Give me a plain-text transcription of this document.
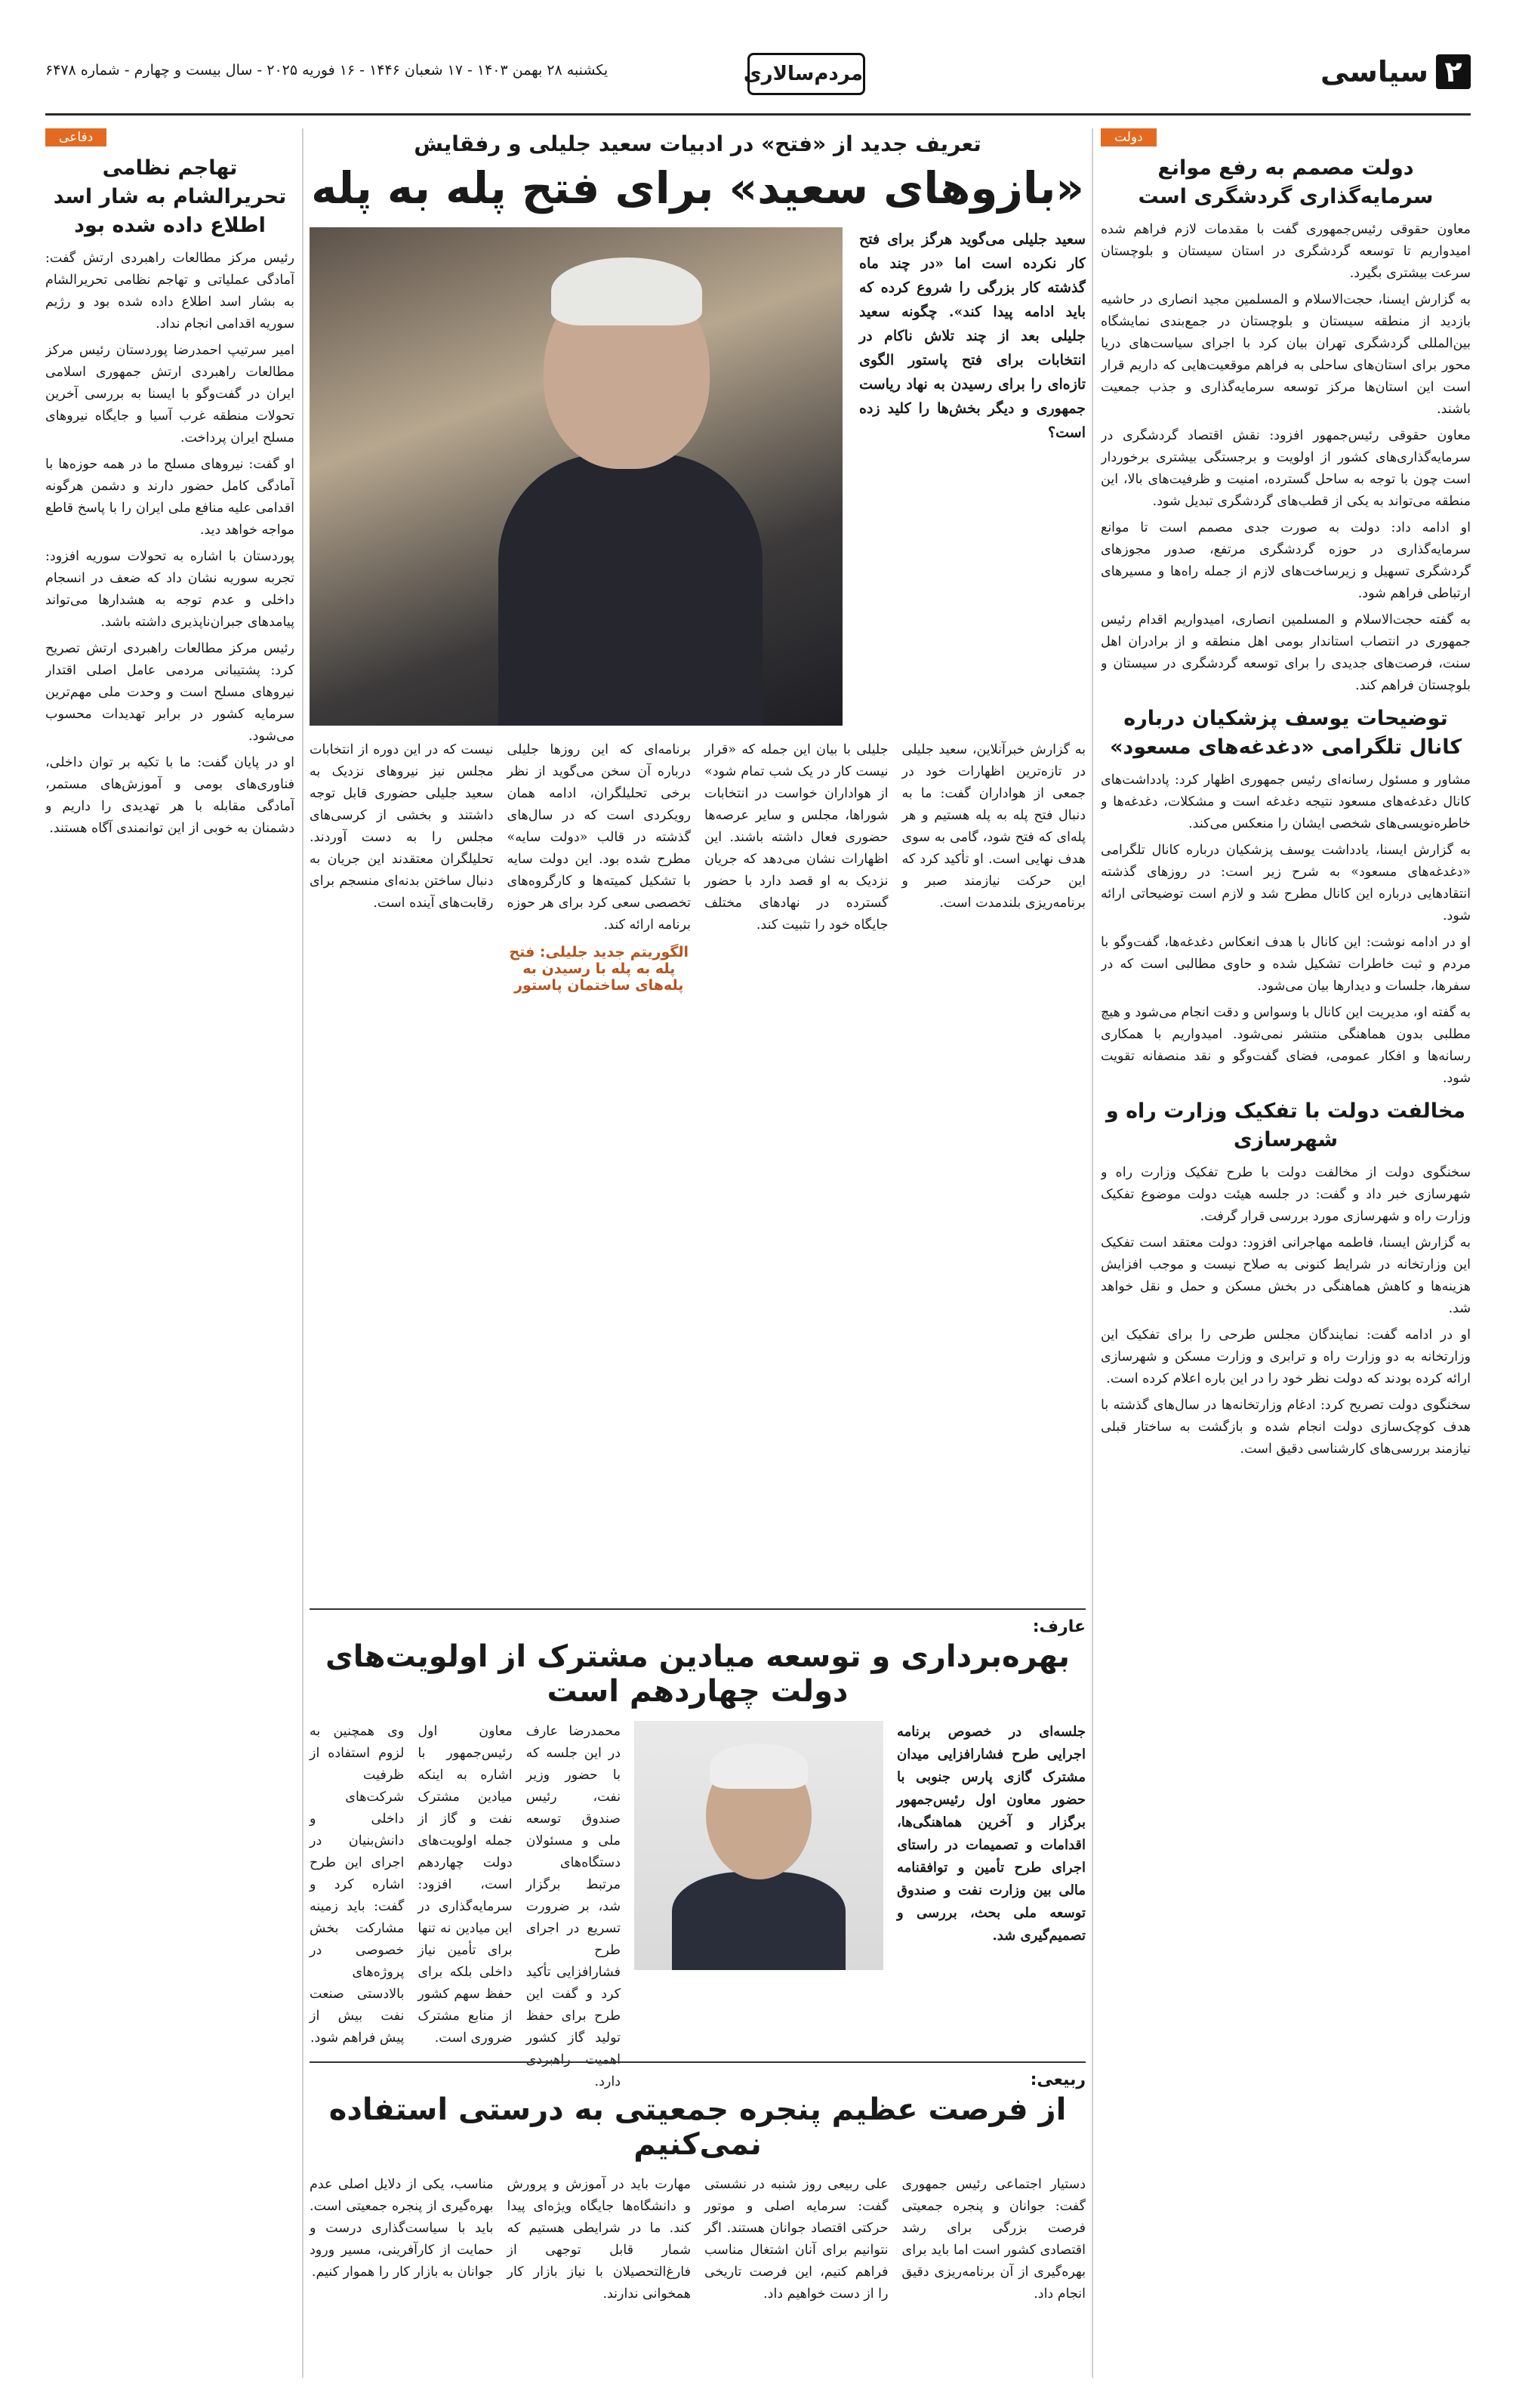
۲سیاسی
مردم‌سالاری
یکشنبه ۲۸ بهمن ۱۴۰۳ - ۱۷ شعبان ۱۴۴۶ - ۱۶ فوریه ۲۰۲۵ - سال بیست و چهارم - شماره ۶۴۷۸
دولت
دولت مصمم به رفع موانع سرمایه‌گذاری گردشگری است

معاون حقوقی رئیس‌جمهوری گفت با مقدمات لازم فراهم شده امیدواریم تا توسعه گردشگری در استان سیستان و بلوچستان سرعت بیشتری بگیرد.

به گزارش ایسنا، حجت‌الاسلام و المسلمین مجید انصاری در حاشیه بازدید از منطقه سیستان و بلوچستان در جمع‌بندی نمایشگاه بین‌المللی گردشگری تهران بیان کرد با اجرای سیاست‌های دریا محور برای استان‌های ساحلی به فراهم موقعیت‌هایی که داریم قرار است این استان‌ها مرکز توسعه سرمایه‌گذاری و جذب جمعیت باشند.

معاون حقوقی رئیس‌جمهور افزود: نقش اقتصاد گردشگری در سرمایه‌گذاری‌های کشور از اولویت و برجستگی بیشتری برخوردار است چون با توجه به ساحل گسترده، امنیت و ظرفیت‌های بالا، این منطقه می‌تواند به یکی از قطب‌های گردشگری تبدیل شود.

او ادامه داد: دولت به صورت جدی مصمم است تا موانع سرمایه‌گذاری در حوزه گردشگری مرتفع، صدور مجوزهای گردشگری تسهیل و زیرساخت‌های لازم از جمله راه‌ها و مسیرهای ارتباطی فراهم شود.

به گفته حجت‌الاسلام و المسلمین انصاری، امیدواریم اقدام رئیس جمهوری در انتصاب استاندار بومی اهل منطقه و از برادران اهل سنت، فرصت‌های جدیدی را برای توسعه گردشگری در سیستان و بلوچستان فراهم کند.

توضیحات یوسف پزشکیان درباره کانال تلگرامی «دغدغه‌های مسعود»

مشاور و مسئول رسانه‌ای رئیس جمهوری اظهار کرد: پادداشت‌های کانال دغدغه‌های مسعود نتیجه دغدغه است و مشکلات، دغدغه‌ها و خاطره‌نویسی‌های شخصی ایشان را منعکس می‌کند.

به گزارش ایسنا، یادداشت یوسف پزشکیان درباره کانال تلگرامی «دغدغه‌های مسعود» به شرح زیر است: در روزهای گذشته انتقادهایی درباره این کانال مطرح شد و لازم است توضیحاتی ارائه شود.

او در ادامه نوشت: این کانال با هدف انعکاس دغدغه‌ها، گفت‌وگو با مردم و ثبت خاطرات تشکیل شده و حاوی مطالبی است که در سفرها، جلسات و دیدارها بیان می‌شود.

به گفته او، مدیریت این کانال با وسواس و دقت انجام می‌شود و هیچ مطلبی بدون هماهنگی منتشر نمی‌شود. امیدواریم با همکاری رسانه‌ها و افکار عمومی، فضای گفت‌وگو و نقد منصفانه تقویت شود.

مخالفت دولت با تفکیک وزارت راه و شهرسازی

سخنگوی دولت از مخالفت دولت با طرح تفکیک وزارت راه و شهرسازی خبر داد و گفت: در جلسه هیئت دولت موضوع تفکیک وزارت راه و شهرسازی مورد بررسی قرار گرفت.

به گزارش ایسنا، فاطمه مهاجرانی افزود: دولت معتقد است تفکیک این وزارتخانه در شرایط کنونی به صلاح نیست و موجب افزایش هزینه‌ها و کاهش هماهنگی در بخش مسکن و حمل و نقل خواهد شد.

او در ادامه گفت: نمایندگان مجلس طرحی را برای تفکیک این وزارتخانه به دو وزارت راه و ترابری و وزارت مسکن و شهرسازی ارائه کرده بودند که دولت نظر خود را در این باره اعلام کرده است.

سخنگوی دولت تصریح کرد: ادغام وزارتخانه‌ها در سال‌های گذشته با هدف کوچک‌سازی دولت انجام شده و بازگشت به ساختار قبلی نیازمند بررسی‌های کارشناسی دقیق است.

دفاعی
تهاجم نظامی تحریرالشام به شار اسد اطلاع داده شده بود

رئیس مرکز مطالعات راهبردی ارتش گفت: آمادگی عملیاتی و تهاجم نظامی تحریرالشام به بشار اسد اطلاع داده شده بود و رژیم سوریه اقدامی انجام نداد.

امیر سرتیپ احمدرضا پوردستان رئیس مرکز مطالعات راهبردی ارتش جمهوری اسلامی ایران در گفت‌وگو با ایسنا به بررسی آخرین تحولات منطقه غرب آسیا و جایگاه نیروهای مسلح ایران پرداخت.

او گفت: نیروهای مسلح ما در همه حوزه‌ها با آمادگی کامل حضور دارند و دشمن هرگونه اقدامی علیه منافع ملی ایران را با پاسخ قاطع مواجه خواهد دید.

پوردستان با اشاره به تحولات سوریه افزود: تجربه سوریه نشان داد که ضعف در انسجام داخلی و عدم توجه به هشدارها می‌تواند پیامدهای جبران‌ناپذیری داشته باشد.

رئیس مرکز مطالعات راهبردی ارتش تصریح کرد: پشتیبانی مردمی عامل اصلی اقتدار نیروهای مسلح است و وحدت ملی مهم‌ترین سرمایه کشور در برابر تهدیدات محسوب می‌شود.

او در پایان گفت: ما با تکیه بر توان داخلی، فناوری‌های بومی و آموزش‌های مستمر، آمادگی مقابله با هر تهدیدی را داریم و دشمنان به خوبی از این توانمندی آگاه هستند.

تعریف جدید از «فتح» در ادبیات سعید جلیلی و رفقایش
«بازوهای سعید» برای فتح پله به پله
سعید جلیلی می‌گوید هرگز برای فتح کار نکرده است اما «در چند ماه گذشته کار بزرگی را شروع کرده که باید ادامه پیدا کند». چگونه سعید جلیلی بعد از چند تلاش ناکام در انتخابات برای فتح پاستور الگوی تازه‌ای را برای رسیدن به نهاد ریاست جمهوری و دیگر بخش‌ها را کلید زده است؟

به گزارش خبرآنلاین، سعید جلیلی در تازه‌ترین اظهارات خود در جمعی از هواداران گفت: ما به دنبال فتح پله به پله هستیم و هر پله‌ای که فتح شود، گامی به سوی هدف نهایی است. او تأکید کرد که این حرکت نیازمند صبر و برنامه‌ریزی بلندمدت است.

جلیلی با بیان این جمله که «قرار نیست کار در یک شب تمام شود» از هواداران خواست در انتخابات شوراها، مجلس و سایر عرصه‌ها حضوری فعال داشته باشند. این اظهارات نشان می‌دهد که جریان نزدیک به او قصد دارد با حضور گسترده در نهادهای مختلف جایگاه خود را تثبیت کند.

برنامه‌ای که این روزها جلیلی درباره آن سخن می‌گوید از نظر برخی تحلیلگران، ادامه همان رویکردی است که در سال‌های گذشته در قالب «دولت سایه» مطرح شده بود. این دولت سایه با تشکیل کمیته‌ها و کارگروه‌های تخصصی سعی کرد برای هر حوزه برنامه ارائه کند.

الگوریتم جدید جلیلی: فتح پله به پله با رسیدن به پله‌های ساختمان پاستور

نیست که در این دوره از انتخابات مجلس نیز نیروهای نزدیک به سعید جلیلی حضوری قابل توجه داشتند و بخشی از کرسی‌های مجلس را به دست آوردند. تحلیلگران معتقدند این جریان به دنبال ساختن بدنه‌ای منسجم برای رقابت‌های آینده است.

عارف:
بهره‌برداری و توسعه میادین مشترک از اولویت‌های دولت چهاردهم است
جلسه‌ای در خصوص برنامه اجرایی طرح فشارافزایی میدان مشترک گازی پارس جنوبی با حضور معاون اول رئیس‌جمهور برگزار و آخرین هماهنگی‌ها، اقدامات و تصمیمات در راستای اجرای طرح تأمین و توافقنامه مالی بین وزارت نفت و صندوق توسعه ملی بحث، بررسی و تصمیم‌گیری شد.

محمدرضا عارف در این جلسه که با حضور وزیر نفت، رئیس صندوق توسعه ملی و مسئولان دستگاه‌های مرتبط برگزار شد، بر ضرورت تسریع در اجرای طرح فشارافزایی تأکید کرد و گفت این طرح برای حفظ تولید گاز کشور اهمیت راهبردی دارد.

معاون اول رئیس‌جمهور با اشاره به اینکه میادین مشترک نفت و گاز از جمله اولویت‌های دولت چهاردهم است، افزود: سرمایه‌گذاری در این میادین نه تنها برای تأمین نیاز داخلی بلکه برای حفظ سهم کشور از منابع مشترک ضروری است.

وی همچنین به لزوم استفاده از ظرفیت شرکت‌های داخلی و دانش‌بنیان در اجرای این طرح اشاره کرد و گفت: باید زمینه مشارکت بخش خصوصی در پروژه‌های بالادستی صنعت نفت بیش از پیش فراهم شود.

ربیعی:
از فرصت عظیم پنجره جمعیتی به درستی استفاده نمی‌کنیم

دستیار اجتماعی رئیس جمهوری گفت: جوانان و پنجره جمعیتی فرصت بزرگی برای رشد اقتصادی کشور است اما باید برای بهره‌گیری از آن برنامه‌ریزی دقیق انجام داد.

علی ربیعی روز شنبه در نشستی گفت: سرمایه اصلی و موتور حرکتی اقتصاد جوانان هستند. اگر نتوانیم برای آنان اشتغال مناسب فراهم کنیم، این فرصت تاریخی را از دست خواهیم داد.

مهارت باید در آموزش و پرورش و دانشگاه‌ها جایگاه ویژه‌ای پیدا کند. ما در شرایطی هستیم که شمار قابل توجهی از فارغ‌التحصیلان با نیاز بازار کار همخوانی ندارند.

مناسب، یکی از دلایل اصلی عدم بهره‌گیری از پنجره جمعیتی است. باید با سیاست‌گذاری درست و حمایت از کارآفرینی، مسیر ورود جوانان به بازار کار را هموار کنیم.
